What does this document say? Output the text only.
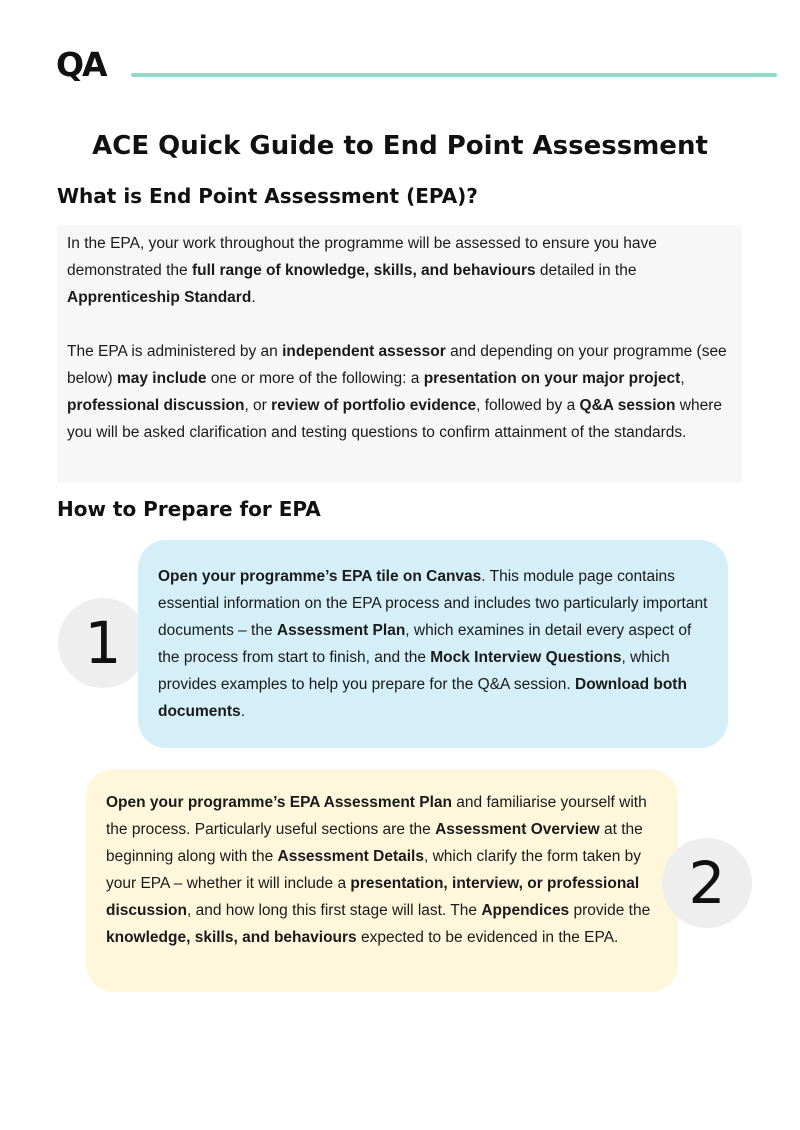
QA
ACE Quick Guide to End Point Assessment
What is End Point Assessment (EPA)?

In the EPA, your work throughout the programme will be assessed to ensure you have demonstrated the full range of knowledge, skills, and behaviours detailed in the Apprenticeship Standard.

The EPA is administered by an independent assessor and depending on your programme (see below) may include one or more of the following: a presentation on your major project, professional discussion, or review of portfolio evidence, followed by a Q&A session where you will be asked clarification and testing questions to confirm attainment of the standards.

How to Prepare for EPA
1

Open your programme’s EPA tile on Canvas. This module page contains essential information on the EPA process and includes two particularly important documents – the Assessment Plan, which examines in detail every aspect of the process from start to finish, and the Mock Interview Questions, which provides examples to help you prepare for the Q&A session. Download both documents.

Open your programme’s EPA Assessment Plan and familiarise yourself with the process. Particularly useful sections are the Assessment Overview at the beginning along with the Assessment Details, which clarify the form taken by your EPA – whether it will include a presentation, interview, or professional discussion, and how long this first stage will last. The Appendices provide the knowledge, skills, and behaviours expected to be evidenced in the EPA.

2
